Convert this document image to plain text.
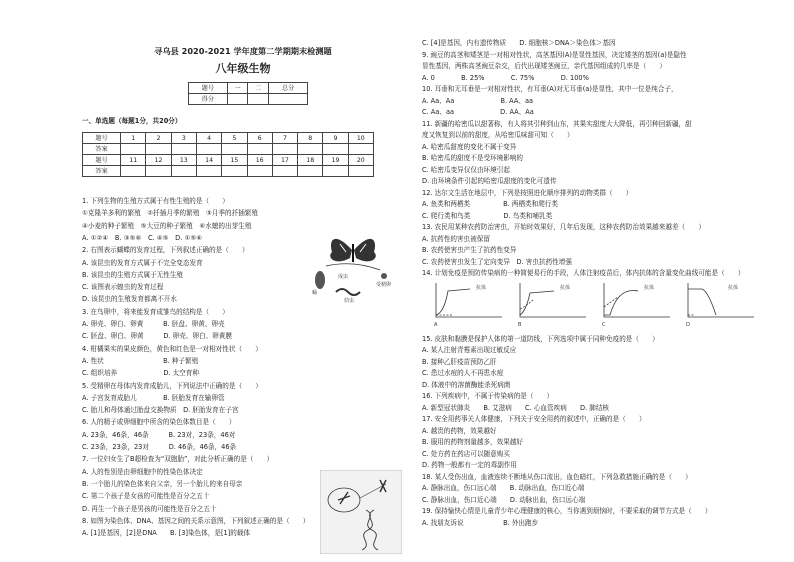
寻乌县 2020-2021 学年度第二学期期末检测题
八年级生物
题号	一	二	总分
得分			
一、单选题（每题1分，共20分）
题号	1	2	3	4	5	6	7	8	9	10
答案										
题号	11	12	13	14	15	16	17	18	19	20
答案										
1. 下列生物的生殖方式属于有性生殖的是（　　）
①克隆羊多利的繁殖　②扦插月季的繁殖　③月季的扦插繁殖
④小麦的种子繁殖　⑤大豆的种子繁殖　⑥水螅的出芽生殖
A. ①②④　B. ③⑤⑥　C. ④⑤　D. ①⑤⑥
2. 右图表示蝴蝶的发育过程，下列叙述正确的是（　　）
A. 该昆虫的发育方式属于不完全变态发育
B. 该昆虫的生殖方式属于无性生殖
C. 该图表示蝗虫的发育过程
D. 该昆虫的生殖发育都离不开水
3. 在鸟卵中，将来能发育成雏鸟的结构是（　　）
A. 卵壳、卵白、卵黄　　　B. 胚盘、卵黄、卵壳
C. 胚盘、卵白、卵黄　　　D. 卵壳、卵白、卵黄膜
4. 柑橘果实的果皮颜色，黄色和红色是一对相对性状（　　）
A. 性状　　　　　　　　　B. 种子繁殖
C. 组织培养　　　　　　　D. 太空育种
5. 受精卵在母体内发育成胎儿，下列说法中正确的是（　　）
A. 子宫发育成胎儿　　　　B. 胚胎发育在输卵管
C. 胎儿和母体通过胎盘交换物质　D. 胚胎发育在子宫
6. 人的精子或卵细胞中所含的染色体数目是（　　）
A. 23条，46条，46条　　　B. 23对，23条，46对
C. 23条，23条，23对　　　D. 46条，46条，46条
7. 一位妇女生了B超检查为“双胞胎”，对此分析正确的是（　　）
A. 人的性别是由卵细胞中的性染色体决定
B. 一个胎儿的染色体来自父亲，另一个胎儿的来自母亲
C. 第二个孩子是女孩的可能性是百分之五十
D. 再生一个孩子是男孩的可能性是百分之五十
8. 如图为染色体、DNA、基因之间的关系示意图，下列叙述正确的是（　　）
A. [1]是基因，[2]是DNA　　B. [3]染色体，是[1]的载体
成虫
受精卵
幼虫
蛹
C. [4]是基因，内有遗传物质　　D. 细胞核＞DNA＞染色体＞基因
9. 豌豆的高茎和矮茎是一对相对性状，高茎基因(A)是显性基因，决定矮茎的基因(a)是隐性
显性基因，两株高茎豌豆杂交，后代出现矮茎豌豆，亲代基因组成的几率是（　　）
A. 0　　　　B. 25%　　　　C. 75%　　　　D. 100%
10. 耳垂和无耳垂是一对相对性状，有耳垂(A)对无耳垂(a)是显性，其中一位是纯合子，
A. Aa、Aa　　　　　　　B. AA、aa
C. Aa、aa　　　　　　　D. AA、Aa
11. 新疆的哈密瓜以甜著称，有人将其引种到山东，其果实甜度大大降低，再引种回新疆，甜
度又恢复到以前的甜度，从哈密瓜味甜可知（　　）
A. 哈密瓜甜度的变化不属于变异
B. 哈密瓜的甜度不是受环境影响的
C. 哈密瓜变异仅仅由环境引起
D. 由环境条件引起的哈密瓜甜度的变化可遗传
12. 达尔文生活在地层中，下列是按照进化顺序排列的动物类群（　　）
A. 鱼类和两栖类　　　　　B. 两栖类和爬行类
C. 爬行类和鸟类　　　　　D. 鸟类和哺乳类
13. 农民用某种农药防治害虫，开始时效果好，几年后发现，这种农药防治效果越来越差（　　）
A. 抗药性的害虫被保留
B. 农药使害虫产生了抗药性变异
C. 农药使害虫发生了定向变异　D. 害虫抗药性增强
14. 计划免疫是预防传染病的一种简便易行的手段，人体注射疫苗后，体内抗体的含量变化曲线可能是（　　）
15. 皮肤和黏膜是保护人体的第一道防线，下列选项中属于同种免疫的是（　　）
A. 某人注射青霉素出现过敏反应
B. 接种乙肝疫苗预防乙肝
C. 患过水痘的人不再患水痘
D. 体液中的溶菌酶能杀死病菌
16. 下列疾病中，不属于传染病的是（　　）
A. 新型冠状肺炎　　B. 艾滋病　　C. 心血管疾病　　D. 肺结核
17. 安全用药事关人体健康，下列关于安全用药的叙述中，正确的是（　　）
A. 越贵的药物，效果越好
B. 服用的药物剂量越多，效果越好
C. 处方药在药店可以随意购买
D. 药物一般都有一定的毒副作用
18. 某人受伤出血，血液连续不断地从伤口流出，血色暗红，下列急救措施正确的是（　　）
A. 静脉出血，伤口远心端　　B. 动脉出血，伤口近心端
C. 静脉出血，伤口近心端　　D. 动脉出血，伤口远心端
19. 保持愉快心情是儿童青少年心理健康的核心，当你遇到烦恼时，不要采取的调节方式是（　　）
A. 找朋友诉说　　　　　　B. 外出跑步
抗体
A
抗体
B
抗体
C
抗体
D
